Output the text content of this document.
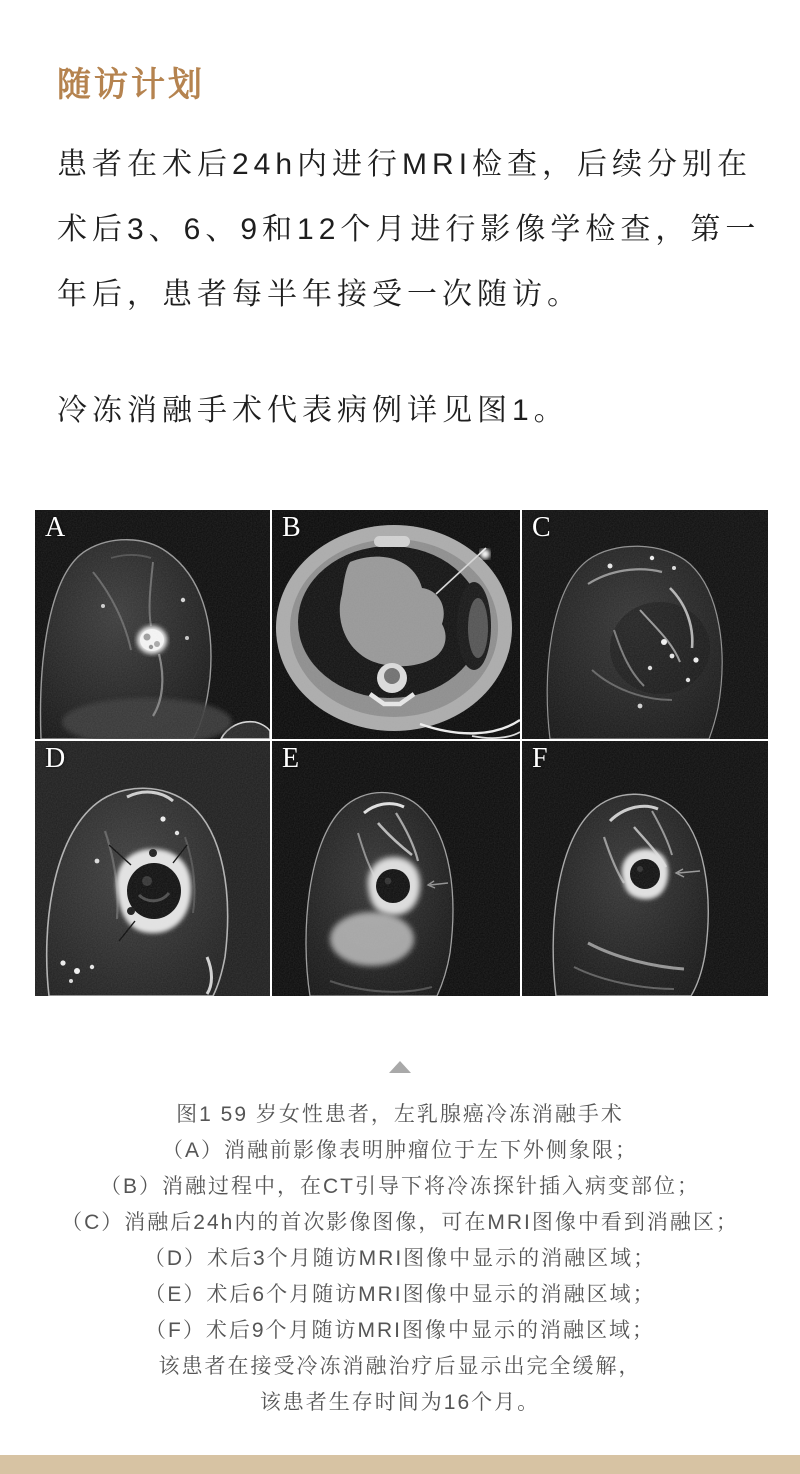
随访计划
患者在术后24h内进行MRI检查，后续分别在
术后3、6、9和12个月进行影像学检查，第一
年后，患者每半年接受一次随访。
冷冻消融手术代表病例详见图1。
A	B	C
D	E	F
图1 59 岁女性患者，左乳腺癌冷冻消融手术
（A）消融前影像表明肿瘤位于左下外侧象限；
（B）消融过程中，在CT引导下将冷冻探针插入病变部位；
（C）消融后24h内的首次影像图像，可在MRI图像中看到消融区；
（D）术后3个月随访MRI图像中显示的消融区域；
（E）术后6个月随访MRI图像中显示的消融区域；
（F）术后9个月随访MRI图像中显示的消融区域；
该患者在接受冷冻消融治疗后显示出完全缓解，
该患者生存时间为16个月。
